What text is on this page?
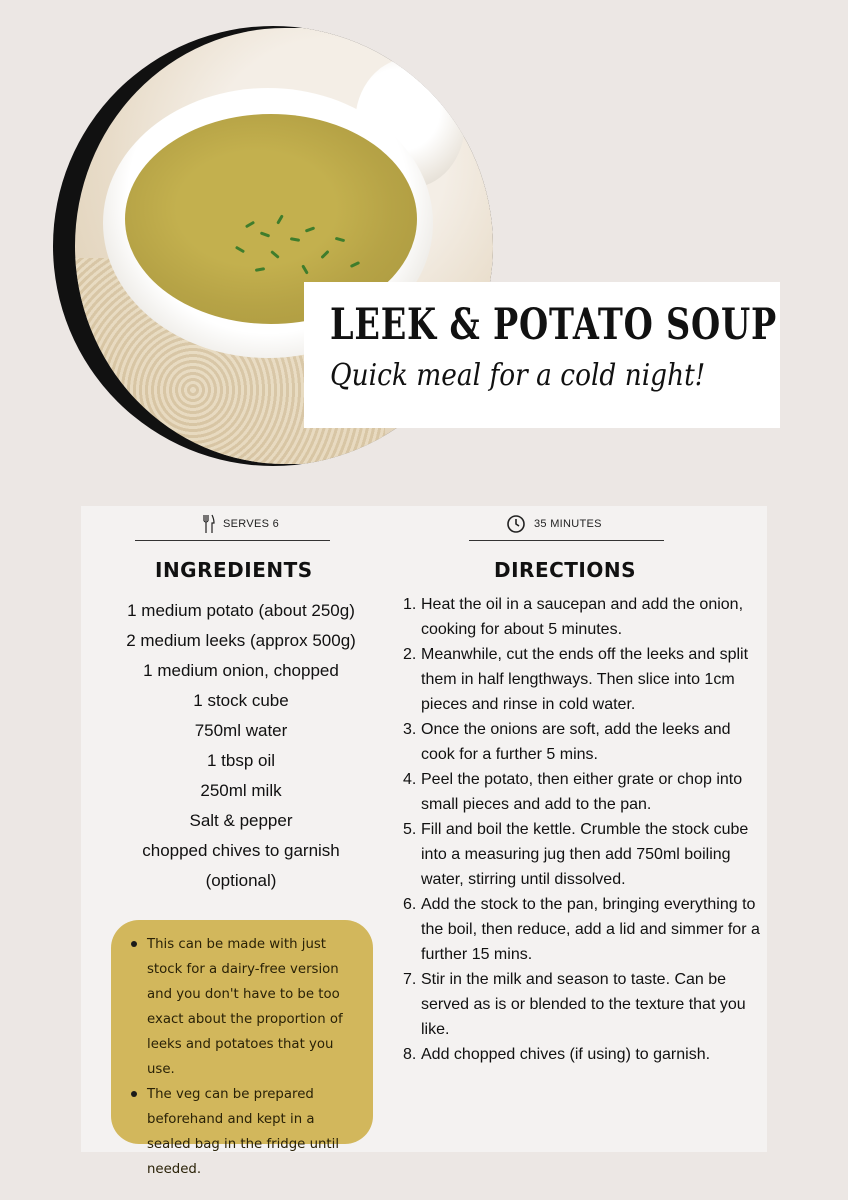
LEEK & POTATO SOUP
Quick meal for a cold night!
SERVES 6	35 MINUTES
INGREDIENTS	DIRECTIONS
1 medium potato (about 250g)
2 medium leeks (approx 500g)
1 medium onion, chopped
1 stock cube
750ml water
1 tbsp oil
250ml milk
Salt & pepper
chopped chives to garnish
(optional)
This can be made with just stock for a dairy-free version and you don't have to be too exact about the proportion of leeks and potatoes that you use.
The veg can be prepared beforehand and kept in a sealed bag in the fridge until needed.
1. Heat the oil in a saucepan and add the onion, cooking for about 5 minutes.
2. Meanwhile, cut the ends off the leeks and split them in half lengthways. Then slice into 1cm pieces and rinse in cold water.
3. Once the onions are soft, add the leeks and cook for a further 5 mins.
4. Peel the potato, then either grate or chop into small pieces and add to the pan.
5. Fill and boil the kettle. Crumble the stock cube into a measuring jug then add 750ml boiling water, stirring until dissolved.
6. Add the stock to the pan, bringing everything to the boil, then reduce, add a lid and simmer for a further 15 mins.
7. Stir in the milk and season to taste. Can be served as is or blended to the texture that you like.
8. Add chopped chives (if using) to garnish.
